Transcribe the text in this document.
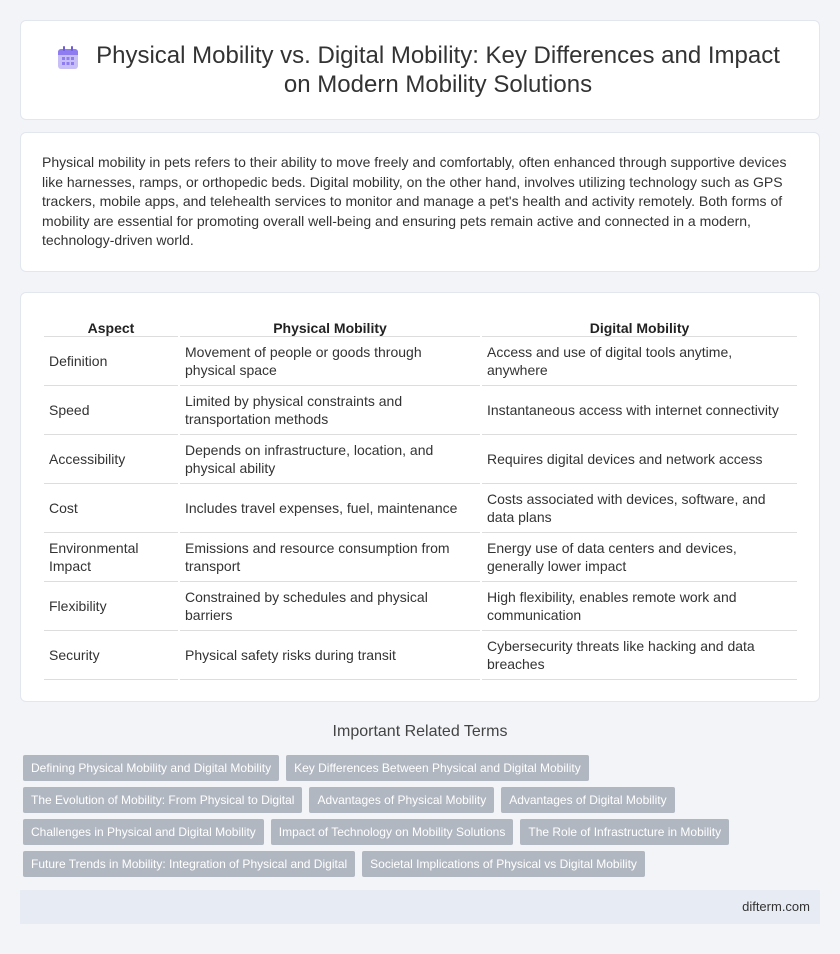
Physical Mobility vs. Digital Mobility: Key Differences and Impact on Modern Mobility Solutions

Physical mobility in pets refers to their ability to move freely and comfortably, often enhanced through supportive devices like harnesses, ramps, or orthopedic beds. Digital mobility, on the other hand, involves utilizing technology such as GPS trackers, mobile apps, and telehealth services to monitor and manage a pet's health and activity remotely. Both forms of mobility are essential for promoting overall well-being and ensuring pets remain active and connected in a modern, technology-driven world.

Aspect	Physical Mobility	Digital Mobility
Definition	Movement of people or goods through physical space	Access and use of digital tools anytime, anywhere
Speed	Limited by physical constraints and transportation methods	Instantaneous access with internet connectivity
Accessibility	Depends on infrastructure, location, and physical ability	Requires digital devices and network access
Cost	Includes travel expenses, fuel, maintenance	Costs associated with devices, software, and data plans
Environmental Impact	Emissions and resource consumption from transport	Energy use of data centers and devices, generally lower impact
Flexibility	Constrained by schedules and physical barriers	High flexibility, enables remote work and communication
Security	Physical safety risks during transit	Cybersecurity threats like hacking and data breaches
Important Related Terms
Defining Physical Mobility and Digital Mobility	Key Differences Between Physical and Digital Mobility
The Evolution of Mobility: From Physical to Digital	Advantages of Physical Mobility	Advantages of Digital Mobility
Challenges in Physical and Digital Mobility	Impact of Technology on Mobility Solutions	The Role of Infrastructure in Mobility
Future Trends in Mobility: Integration of Physical and Digital	Societal Implications of Physical vs Digital Mobility
difterm.com
